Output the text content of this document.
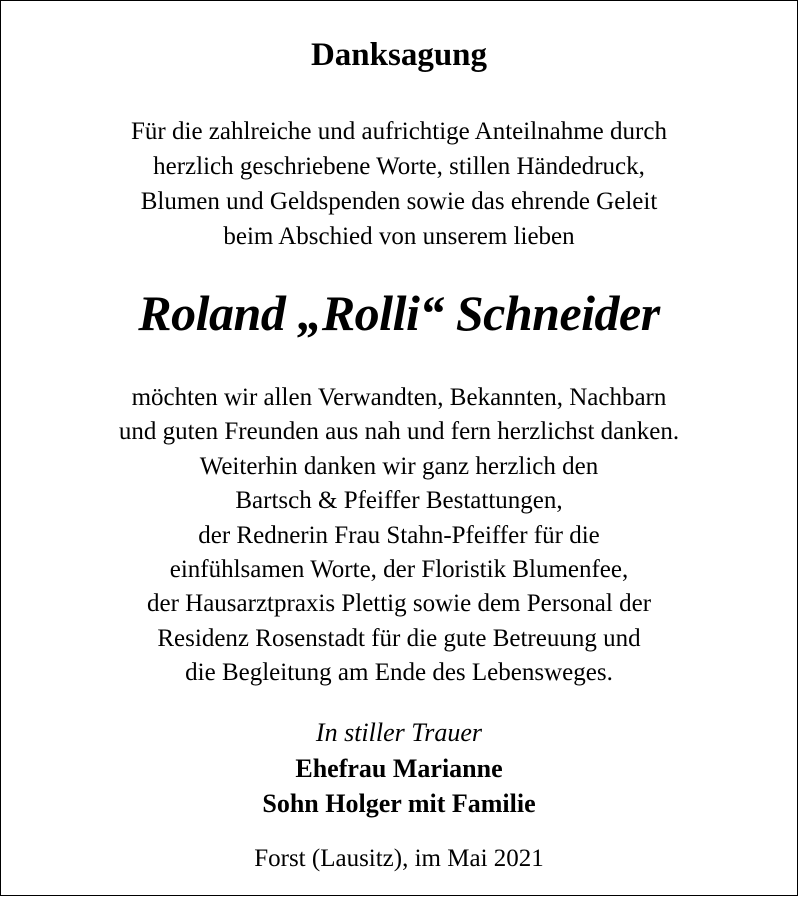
Danksagung
Für die zahlreiche und aufrichtige Anteilnahme durch
herzlich geschriebene Worte, stillen Händedruck,
Blumen und Geldspenden sowie das ehrende Geleit
beim Abschied von unserem lieben
Roland „Rolli“ Schneider
möchten wir allen Verwandten, Bekannten, Nachbarn
und guten Freunden aus nah und fern herzlichst danken.
Weiterhin danken wir ganz herzlich den
Bartsch & Pfeiffer Bestattungen,
der Rednerin Frau Stahn-Pfeiffer für die
einfühlsamen Worte, der Floristik Blumenfee,
der Hausarztpraxis Plettig sowie dem Personal der
Residenz Rosenstadt für die gute Betreuung und
die Begleitung am Ende des Lebensweges.
In stiller Trauer
Ehefrau Marianne
Sohn Holger mit Familie
Forst (Lausitz), im Mai 2021
